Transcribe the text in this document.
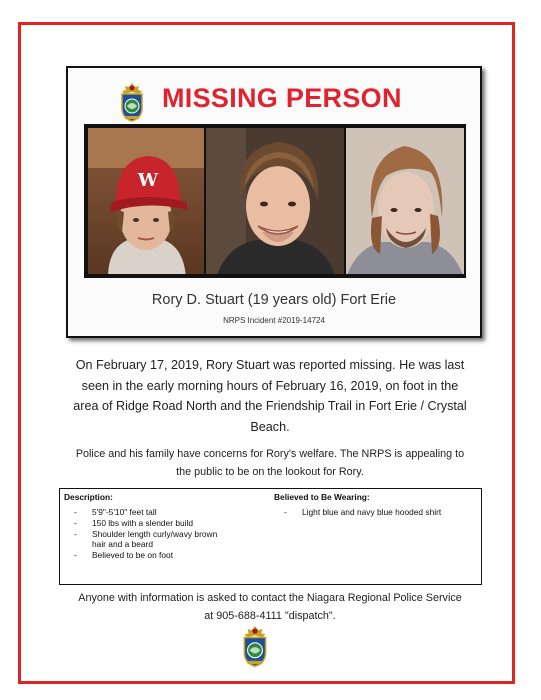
MISSING PERSON
W
Rory D. Stuart (19 years old) Fort Erie
NRPS Incident #2019-14724
On February 17, 2019, Rory Stuart was reported missing. He was last
seen in the early morning hours of February 16, 2019, on foot in the
area of Ridge Road North and the Friendship Trail in Fort Erie / Crystal
Beach.
Police and his family have concerns for Rory's welfare. The NRPS is appealing to
the public to be on the lookout for Rory.
Description:
-	5'9"-5'10" feet tall
-	150 lbs with a slender build
-	Shoulder length curly/wavy brown hair and a beard
-	Believed to be on foot
Believed to Be Wearing:
-	Light blue and navy blue hooded shirt
Anyone with information is asked to contact the Niagara Regional Police Service
at 905-688-4111 "dispatch".
